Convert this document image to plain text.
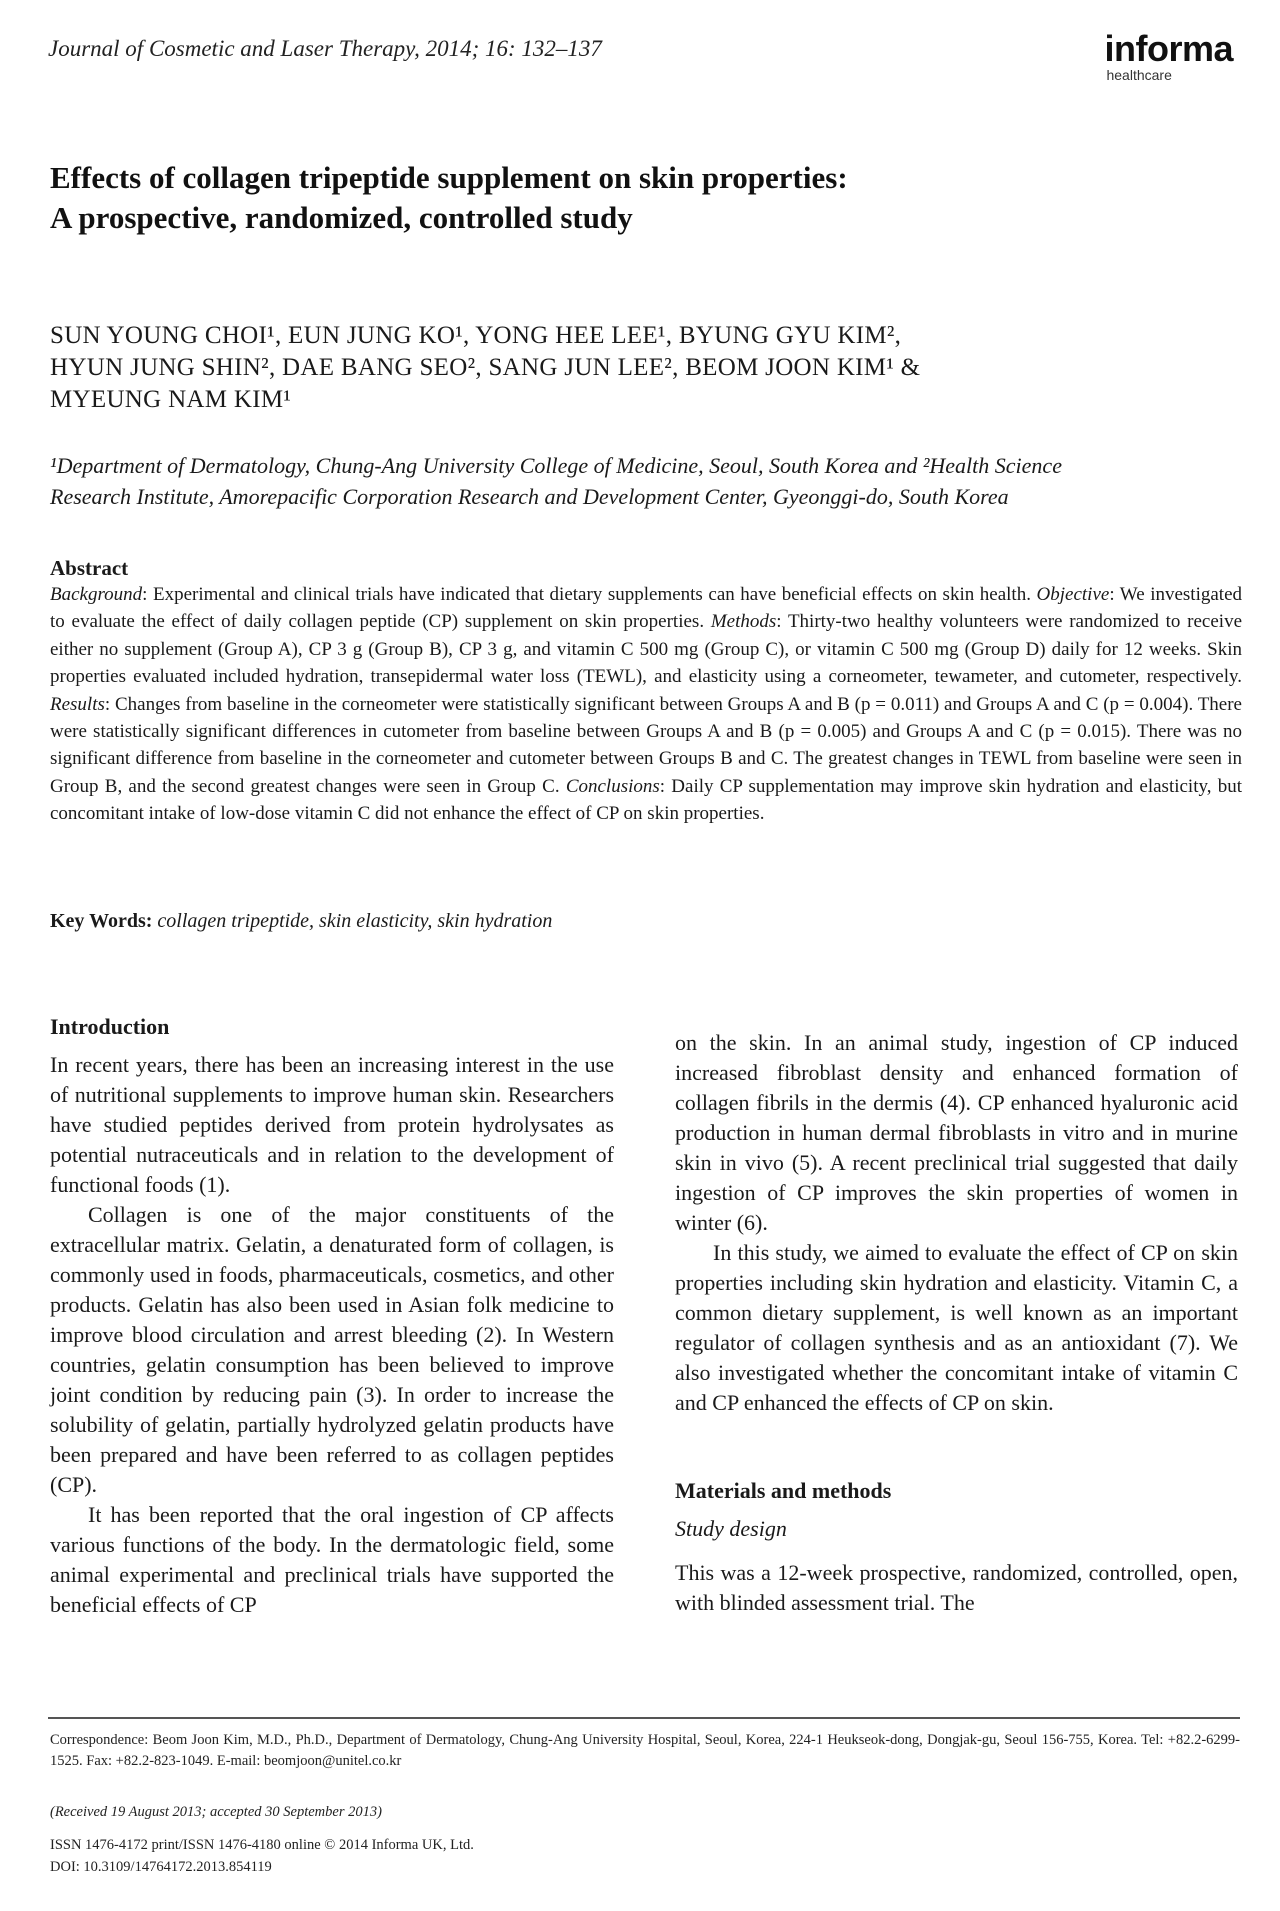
Journal of Cosmetic and Laser Therapy, 2014; 16: 132–137	informa
healthcare
Effects of collagen tripeptide supplement on skin properties:
A prospective, randomized, controlled study
SUN YOUNG CHOI¹, EUN JUNG KO¹, YONG HEE LEE¹, BYUNG GYU KIM²,
HYUN JUNG SHIN², DAE BANG SEO², SANG JUN LEE², BEOM JOON KIM¹ &
MYEUNG NAM KIM¹
¹Department of Dermatology, Chung-Ang University College of Medicine, Seoul, South Korea and ²Health Science
Research Institute, Amorepacific Corporation Research and Development Center, Gyeonggi-do, South Korea
Abstract

Background: Experimental and clinical trials have indicated that dietary supplements can have beneficial effects on skin health. Objective: We investigated to evaluate the effect of daily collagen peptide (CP) supplement on skin properties. Methods: Thirty-two healthy volunteers were randomized to receive either no supplement (Group A), CP 3 g (Group B), CP 3 g, and vitamin C 500 mg (Group C), or vitamin C 500 mg (Group D) daily for 12 weeks. Skin properties evaluated included hydration, transepidermal water loss (TEWL), and elasticity using a corneometer, tewameter, and cutometer, respectively. Results: Changes from baseline in the corneometer were statistically significant between Groups A and B (p = 0.011) and Groups A and C (p = 0.004). There were statistically significant differences in cutometer from baseline between Groups A and B (p = 0.005) and Groups A and C (p = 0.015). There was no significant difference from baseline in the corneometer and cutometer between Groups B and C. The greatest changes in TEWL from baseline were seen in Group B, and the second greatest changes were seen in Group C. Conclusions: Daily CP supplementation may improve skin hydration and elasticity, but concomitant intake of low-dose vitamin C did not enhance the effect of CP on skin properties.

Key Words: collagen tripeptide, skin elasticity, skin hydration
Introduction

In recent years, there has been an increasing interest in the use of nutritional supplements to improve human skin. Researchers have studied peptides derived from protein hydrolysates as potential nutraceuticals and in relation to the development of functional foods (1).

Collagen is one of the major constituents of the extracellular matrix. Gelatin, a denaturated form of collagen, is commonly used in foods, pharmaceuticals, cosmetics, and other products. Gelatin has also been used in Asian folk medicine to improve blood circulation and arrest bleeding (2). In Western countries, gelatin consumption has been believed to improve joint condition by reducing pain (3). In order to increase the solubility of gelatin, partially hydrolyzed gelatin products have been prepared and have been referred to as collagen peptides (CP).

It has been reported that the oral ingestion of CP affects various functions of the body. In the dermatologic field, some animal experimental and preclinical trials have supported the beneficial effects of CP

on the skin. In an animal study, ingestion of CP induced increased fibroblast density and enhanced formation of collagen fibrils in the dermis (4). CP enhanced hyaluronic acid production in human dermal fibroblasts in vitro and in murine skin in vivo (5). A recent preclinical trial suggested that daily ingestion of CP improves the skin properties of women in winter (6).

In this study, we aimed to evaluate the effect of CP on skin properties including skin hydration and elasticity. Vitamin C, a common dietary supplement, is well known as an important regulator of collagen synthesis and as an antioxidant (7). We also investigated whether the concomitant intake of vitamin C and CP enhanced the effects of CP on skin.

Materials and methods
Study design

This was a 12-week prospective, randomized, controlled, open, with blinded assessment trial. The

Correspondence: Beom Joon Kim, M.D., Ph.D., Department of Dermatology, Chung-Ang University Hospital, Seoul, Korea, 224-1 Heukseok-dong, Dongjak-gu, Seoul 156-755, Korea. Tel: +82.2-6299-1525. Fax: +82.2-823-1049. E-mail: beomjoon@unitel.co.kr
(Received 19 August 2013; accepted 30 September 2013)
ISSN 1476-4172 print/ISSN 1476-4180 online © 2014 Informa UK, Ltd.
DOI: 10.3109/14764172.2013.854119
